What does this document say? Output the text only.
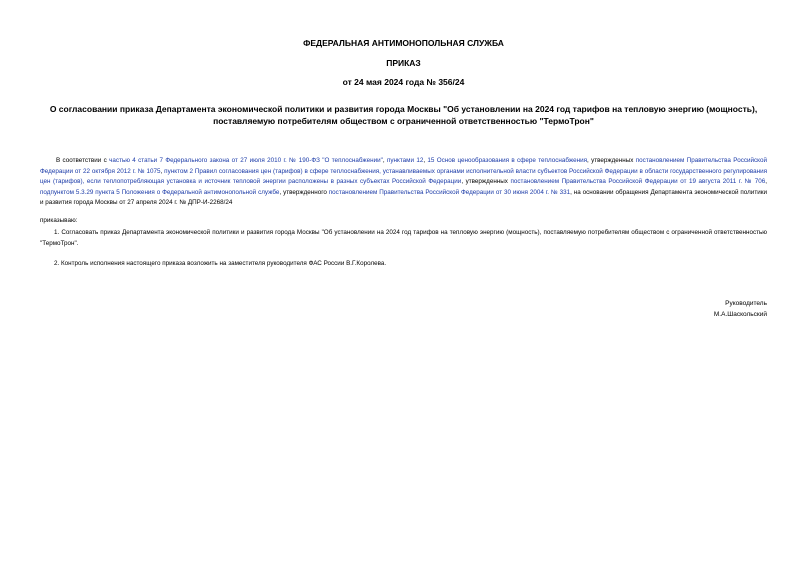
ФЕДЕРАЛЬНАЯ АНТИМОНОПОЛЬНАЯ СЛУЖБА
ПРИКАЗ
от 24 мая 2024 года № 356/24
О согласовании приказа Департамента экономической политики и развития города Москвы "Об установлении на 2024 год тарифов на тепловую энергию (мощность), поставляемую потребителям обществом с ограниченной ответственностью "ТермоТрон"
В соответствии с частью 4 статьи 7 Федерального закона от 27 июля 2010 г. № 190-ФЗ "О теплоснабжении", пунктами 12, 15 Основ ценообразования в сфере теплоснабжения, утвержденных постановлением Правительства Российской Федерации от 22 октября 2012 г. № 1075, пунктом 2 Правил согласования цен (тарифов) в сфере теплоснабжения, устанавливаемых органами исполнительной власти субъектов Российской Федерации в области государственного регулирования цен (тарифов), если теплопотребляющая установка и источник тепловой энергии расположены в разных субъектах Российской Федерации, утвержденных постановлением Правительства Российской Федерации от 19 августа 2011 г. № 706, подпунктом 5.3.29 пункта 5 Положения о Федеральной антимонопольной службе, утвержденного постановлением Правительства Российской Федерации от 30 июня 2004 г. № 331, на основании обращения Департамента экономической политики и развития города Москвы от 27 апреля 2024 г. № ДПР-И-2268/24
приказываю:
1. Согласовать приказ Департамента экономической политики и развития города Москвы "Об установлении на 2024 год тарифов на тепловую энергию (мощность), поставляемую потребителям обществом с ограниченной ответственностью "ТермоТрон".
2. Контроль исполнения настоящего приказа возложить на заместителя руководителя ФАС России В.Г.Королева.
Руководитель
М.А.Шаскольский
